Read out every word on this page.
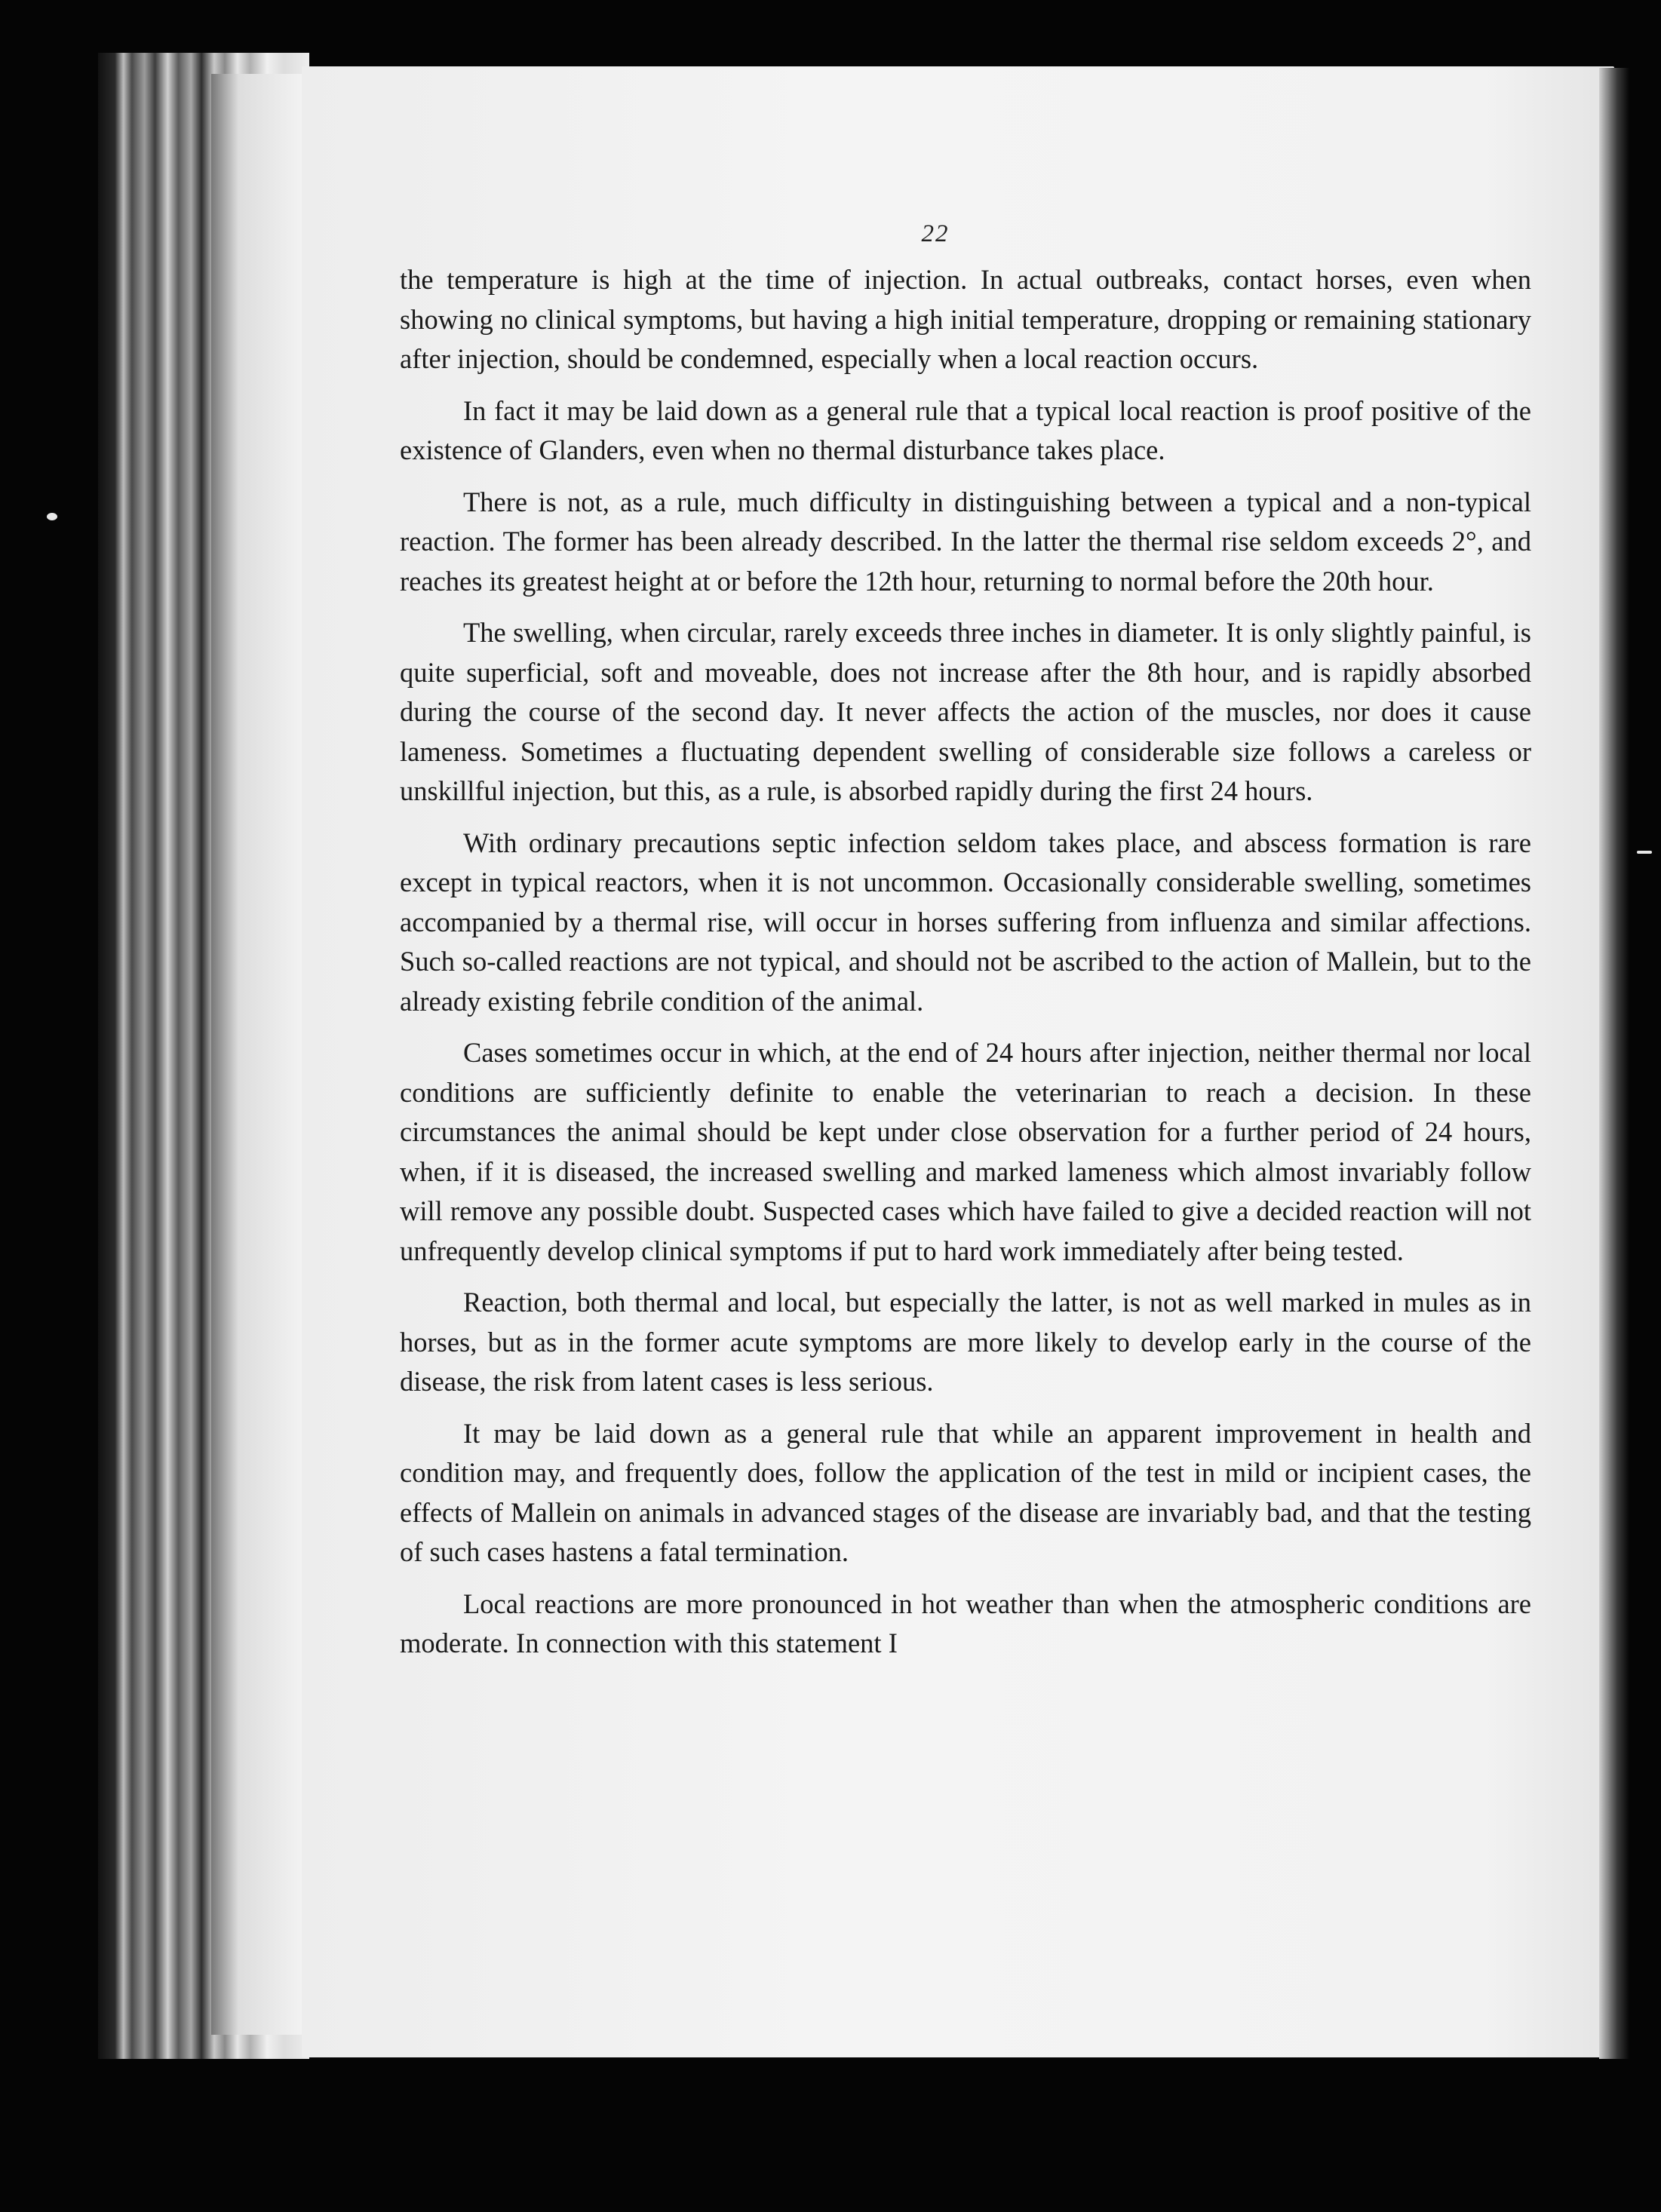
22

the temperature is high at the time of injection. In actual outbreaks, contact horses, even when showing no clinical symptoms, but having a high initial temperature, dropping or remaining stationary after injection, should be condemned, especially when a local reaction occurs.

In fact it may be laid down as a general rule that a typical local reaction is proof positive of the existence of Glanders, even when no thermal disturbance takes place.

There is not, as a rule, much difficulty in distinguishing between a typical and a non-typical reaction. The former has been already described. In the latter the thermal rise seldom exceeds 2°, and reaches its greatest height at or before the 12th hour, returning to normal before the 20th hour.

The swelling, when circular, rarely exceeds three inches in diameter. It is only slightly painful, is quite superficial, soft and moveable, does not increase after the 8th hour, and is rapidly absorbed during the course of the second day. It never affects the action of the muscles, nor does it cause lameness. Sometimes a fluctuating dependent swelling of considerable size follows a careless or unskillful injection, but this, as a rule, is absorbed rapidly during the first 24 hours.

With ordinary precautions septic infection seldom takes place, and abscess formation is rare except in typical reactors, when it is not uncommon. Occasionally considerable swelling, sometimes accompanied by a thermal rise, will occur in horses suffering from influenza and similar affections. Such so-called reactions are not typical, and should not be ascribed to the action of Mallein, but to the already existing febrile condition of the animal.

Cases sometimes occur in which, at the end of 24 hours after injection, neither thermal nor local conditions are sufficiently definite to enable the veterinarian to reach a decision. In these circumstances the animal should be kept under close observation for a further period of 24 hours, when, if it is diseased, the increased swelling and marked lameness which almost invariably follow will remove any possible doubt. Suspected cases which have failed to give a decided reaction will not unfrequently develop clinical symptoms if put to hard work immediately after being tested.

Reaction, both thermal and local, but especially the latter, is not as well marked in mules as in horses, but as in the former acute symptoms are more likely to develop early in the course of the disease, the risk from latent cases is less serious.

It may be laid down as a general rule that while an apparent improvement in health and condition may, and frequently does, follow the application of the test in mild or incipient cases, the effects of Mallein on animals in advanced stages of the disease are invariably bad, and that the testing of such cases hastens a fatal termination.

Local reactions are more pronounced in hot weather than when the atmospheric conditions are moderate. In connection with this statement I
